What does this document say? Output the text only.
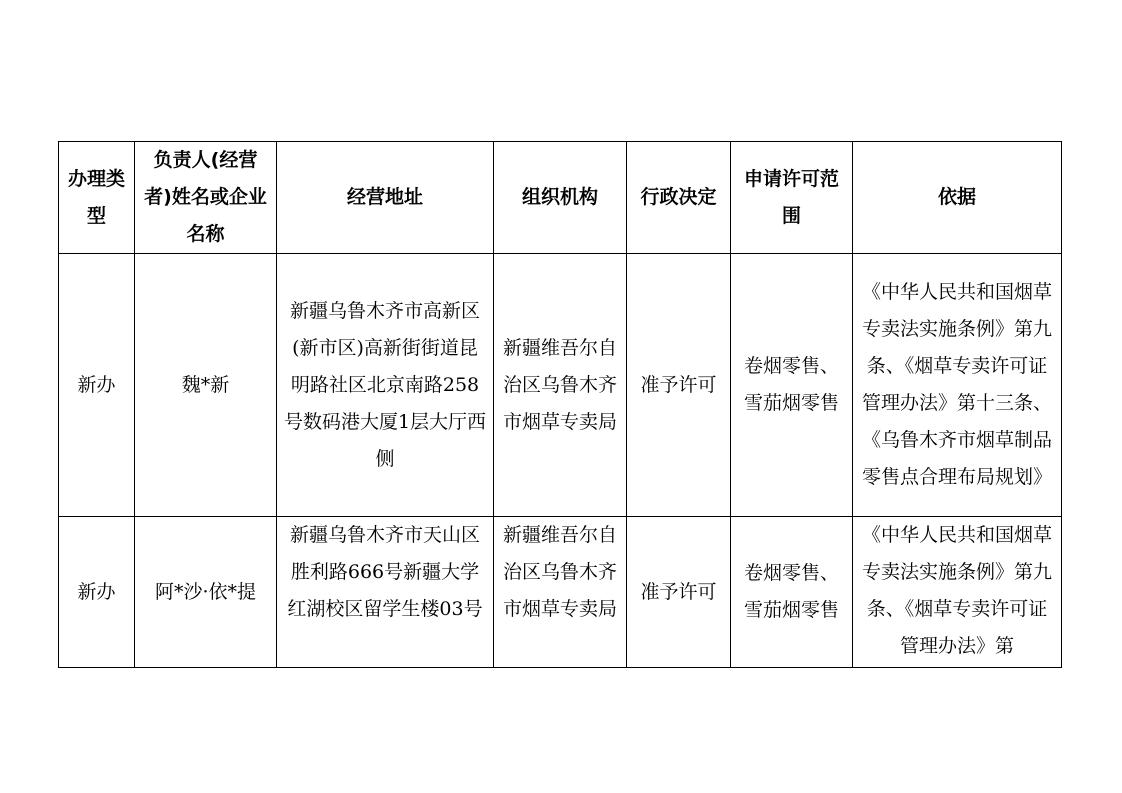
办理类型	负责人(经营者)姓名或企业名称	经营地址	组织机构	行政决定	申请许可范围	依据

新办	魏*新	新疆乌鲁木齐市高新区(新市区)高新街街道昆明路社区北京南路258号数码港大厦1层大厅西侧	新疆维吾尔自治区乌鲁木齐市烟草专卖局	准予许可	卷烟零售、雪茄烟零售	《中华人民共和国烟草专卖法实施条例》第九条、《烟草专卖许可证管理办法》第十三条、《乌鲁木齐市烟草制品零售点合理布局规划》

新办	阿*沙·依*提	新疆乌鲁木齐市天山区胜利路666号新疆大学红湖校区留学生楼03号	新疆维吾尔自治区乌鲁木齐市烟草专卖局	准予许可	卷烟零售、雪茄烟零售	《中华人民共和国烟草专卖法实施条例》第九条、《烟草专卖许可证管理办法》第
